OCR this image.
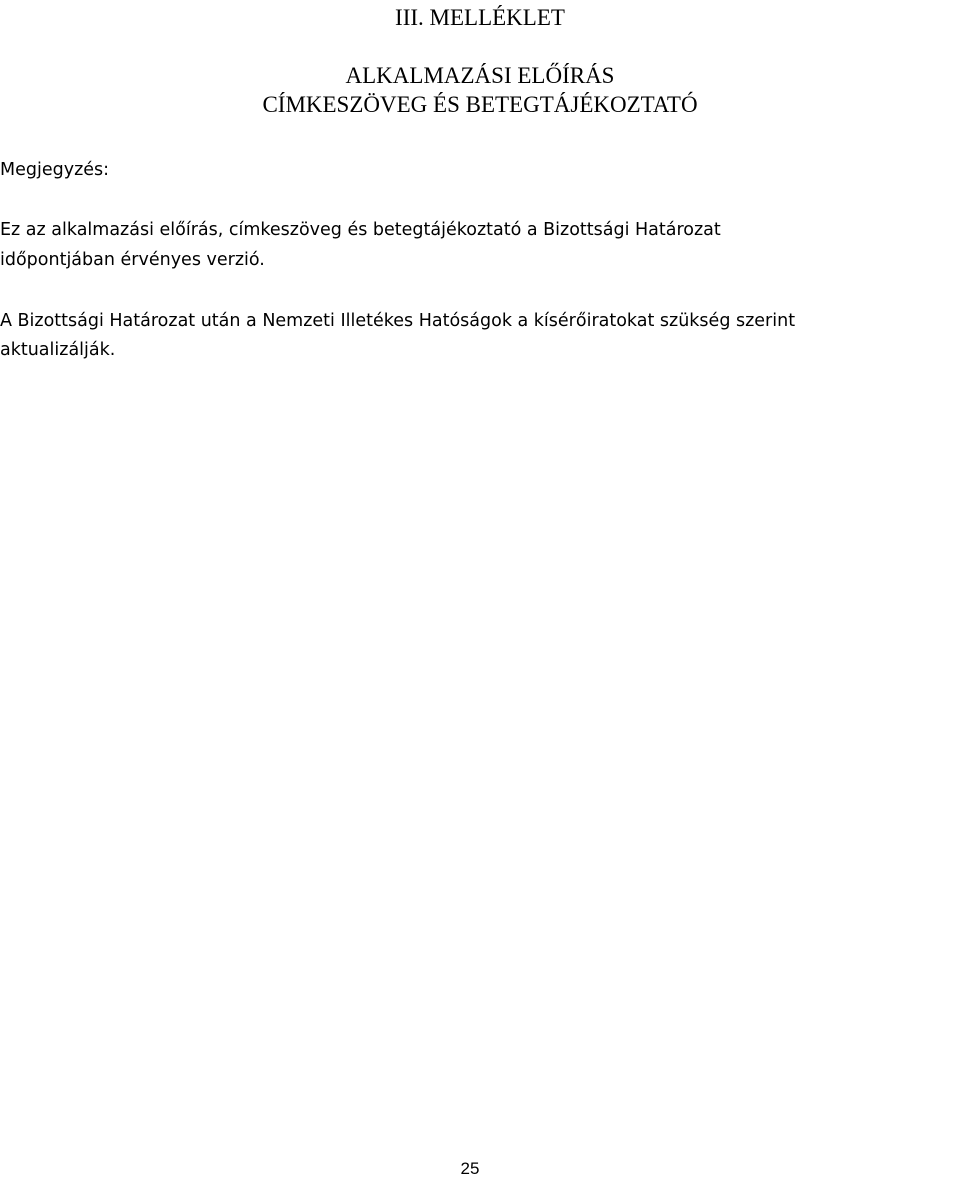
III. MELLÉKLET
ALKALMAZÁSI ELŐÍRÁS
CÍMKESZÖVEG ÉS BETEGTÁJÉKOZTATÓ

Megjegyzés:

Ez az alkalmazási előírás, címkeszöveg és betegtájékoztató a Bizottsági Határozat

időpontjában érvényes verzió.

A Bizottsági Határozat után a Nemzeti Illetékes Hatóságok a kísérőiratokat szükség szerint

aktualizálják.

25
